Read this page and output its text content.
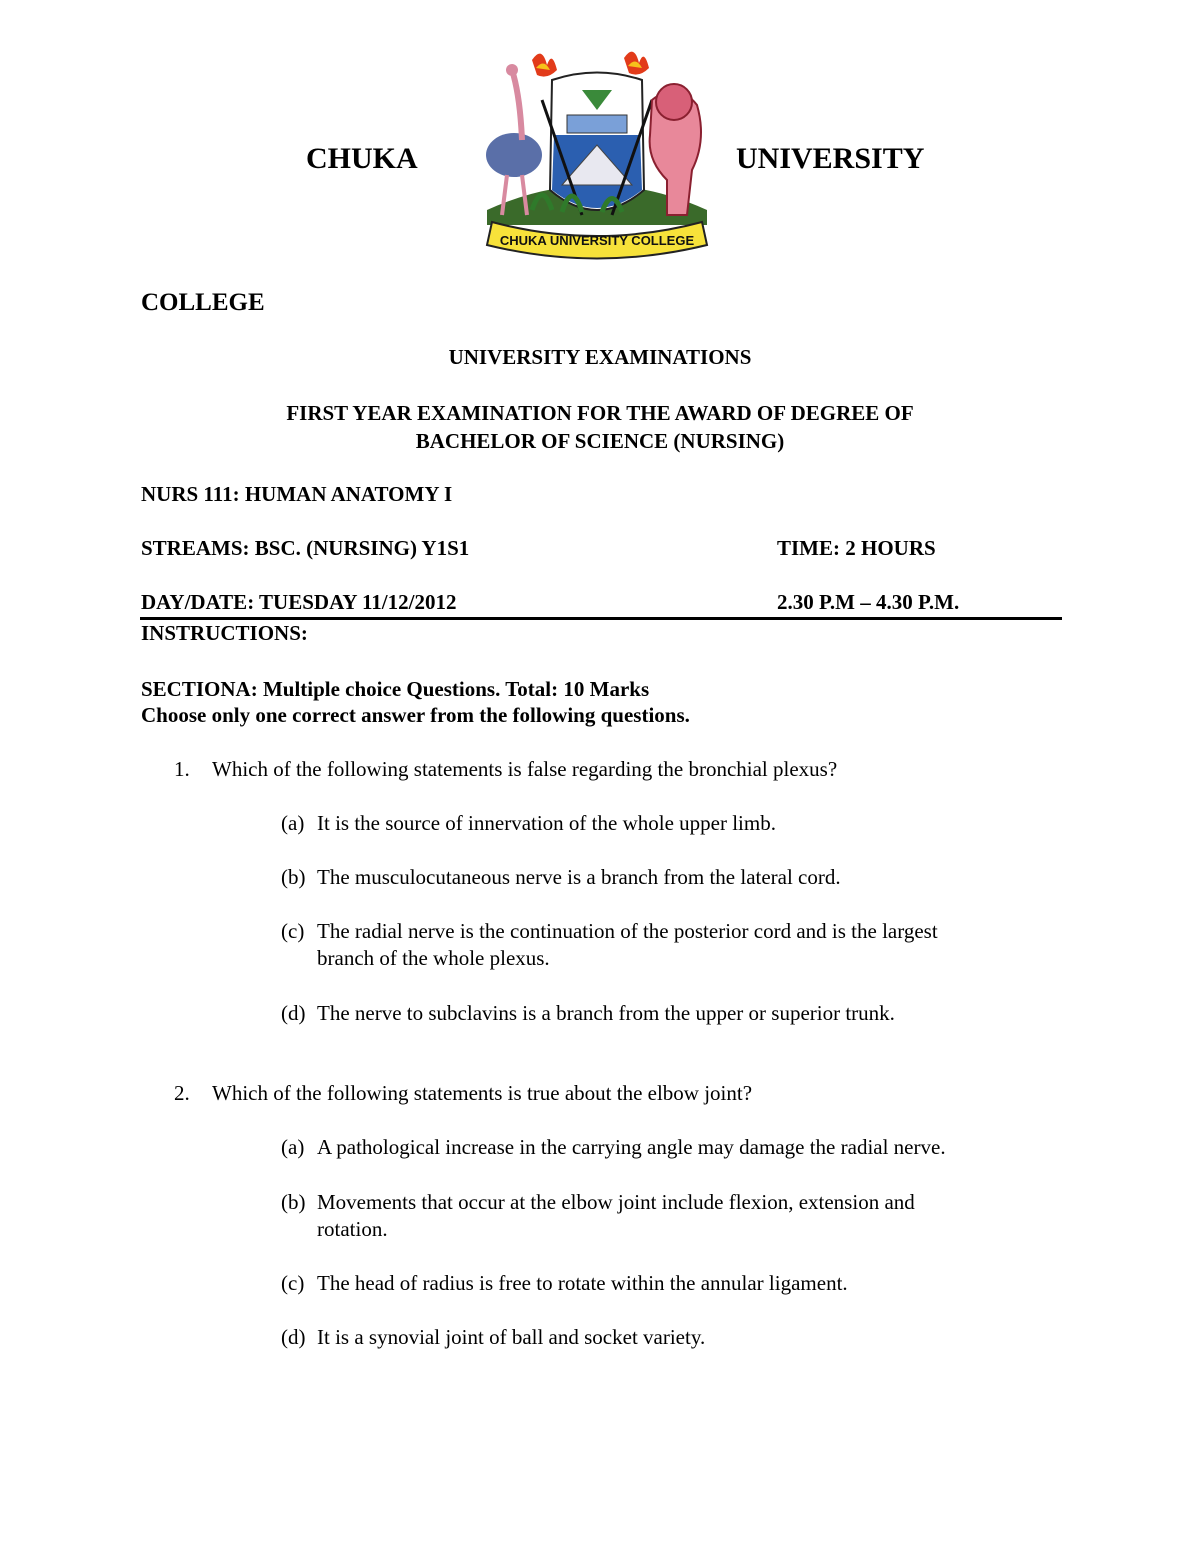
CHUKA	UNIVERSITY
CHUKA UNIVERSITY COLLEGE
COLLEGE
UNIVERSITY EXAMINATIONS
FIRST YEAR EXAMINATION FOR THE AWARD OF DEGREE OF
BACHELOR OF SCIENCE (NURSING)
NURS 111: HUMAN ANATOMY I
STREAMS: BSC. (NURSING) Y1S1	TIME: 2 HOURS
DAY/DATE: TUESDAY 11/12/2012	2.30 P.M – 4.30 P.M.
INSTRUCTIONS:
SECTIONA: Multiple choice Questions. Total: 10 Marks
Choose only one correct answer from the following questions.
1. Which of the following statements is false regarding the bronchial plexus?
(a) It is the source of innervation of the whole upper limb.
(b) The musculocutaneous nerve is a branch from the lateral cord.
(c) The radial nerve is the continuation of the posterior cord and is the largest
branch of the whole plexus.
(d) The nerve to subclavins is a branch from the upper or superior trunk.
2. Which of the following statements is true about the elbow joint?
(a) A pathological increase in the carrying angle may damage the radial nerve.
(b) Movements that occur at the elbow joint include flexion, extension and
rotation.
(c) The head of radius is free to rotate within the annular ligament.
(d) It is a synovial joint of ball and socket variety.
